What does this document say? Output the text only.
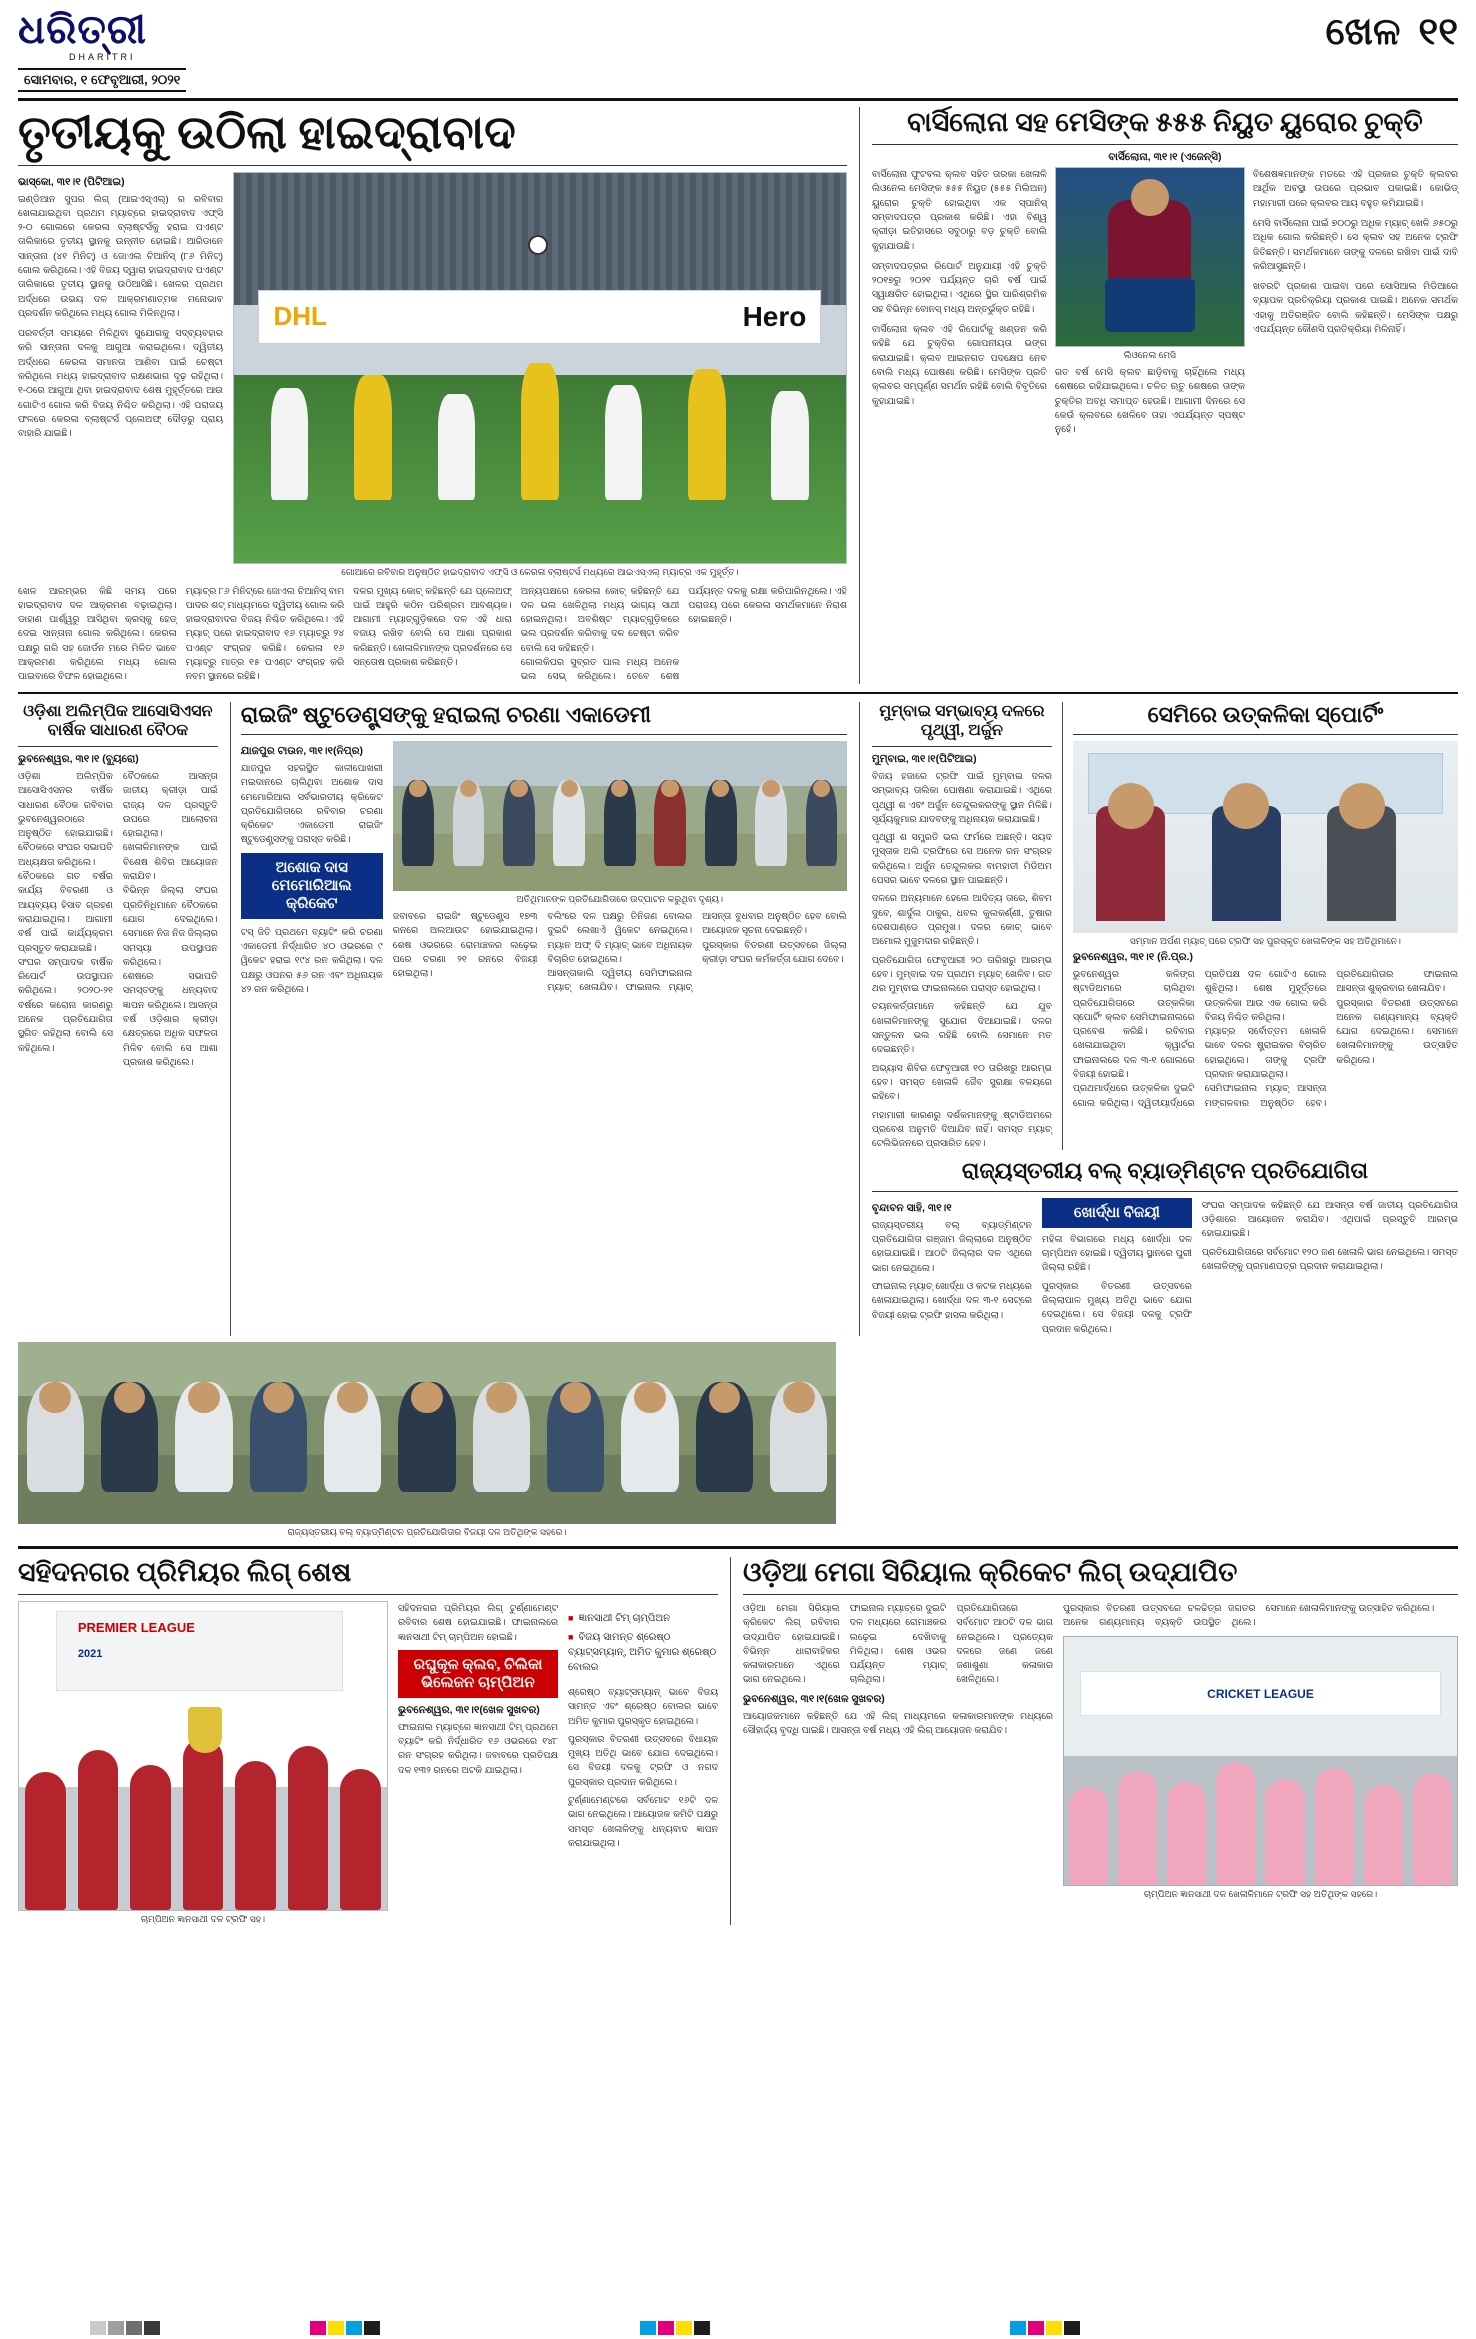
ଧରିତ୍ରୀ
DHARITRI
ସୋମବାର, ୧ ଫେବୃଆରୀ, ୨୦୨୧
ଖେଳ ୧୧
ତୃତୀୟକୁ ଉଠିଲା ହାଇଦ୍ରାବାଦ
ଭାସ୍କୋ, ୩୧।୧ (ପିଟିଆଇ)
ଇଣ୍ଡିଆନ ସୁପର ଲିଗ୍ (ଆଇଏସ୍‌ଏଲ୍) ର ରବିବାର ଖେଳାଯାଇଥିବା ପ୍ରଥମ ମ୍ୟାଚ୍‌ରେ ହାଇଦ୍ରାବାଦ ଏଫ୍‌ସି ୨-୦ ଗୋଲରେ କେରଳା ବ୍ଲାଷ୍ଟର୍ସକୁ ହରାଇ ପଏଣ୍ଟ ତାଲିକାରେ ତୃତୀୟ ସ୍ଥାନକୁ ଉନ୍ନୀତ ହୋଇଛି। ଆରିଡାନେ ସାନ୍ତାନା (୪୧ ମିନିଟ୍) ଓ ଜୋଏଲ ଚିଆନିସ୍ (୮୬ ମିନିଟ୍) ଗୋଲ କରିଥିଲେ। ଏହି ବିଜୟ ଦ୍ୱାରା ହାଇଦ୍ରାବାଦ ପଏଣ୍ଟ ତାଲିକାରେ ତୃତୀୟ ସ୍ଥାନକୁ ଉଠିଆସିଛି। ଖେଳର ପ୍ରଥମ ଅର୍ଦ୍ଧରେ ଉଭୟ ଦଳ ଆକ୍ରମଣାତ୍ମକ ମନୋଭାବ ପ୍ରଦର୍ଶନ କରିଥିଲେ ମଧ୍ୟ ଗୋଲ ମିଳିନଥିଲା।
ପରବର୍ତ୍ତୀ ସମୟରେ ମିଳିଥିବା ସୁଯୋଗକୁ ସଦ୍‌ବ୍ୟବହାର କରି ସାନ୍ତାନା ଦଳକୁ ଆଗୁଆ କରାଇଥିଲେ। ଦ୍ୱିତୀୟ ଅର୍ଦ୍ଧରେ କେରଳା ସମାନତା ଆଣିବା ପାଇଁ ଚେଷ୍ଟା କରିଥିଲେ ମଧ୍ୟ ହାଇଦ୍ରାବାଦ ରକ୍ଷଣଭାଗ ଦୃଢ଼ ରହିଥିଲା। ୧-୦ରେ ଆଗୁଆ ଥିବା ହାଇଦ୍ରାବାଦ ଶେଷ ମୁହୂର୍ତ୍ତରେ ଆଉ ଗୋଟିଏ ଗୋଲ କରି ବିଜୟ ନିଶ୍ଚିତ କରିଥିଲା। ଏହି ପରାଜୟ ଫଳରେ କେରଳା ବ୍ଲାଷ୍ଟର୍ସ ପ୍ଲେଅଫ୍ ଦୌଡ଼ରୁ ପ୍ରାୟ ବାହାରି ଯାଇଛି।
DHL	Hero
ଗୋଆରେ ରବିବାର ଅନୁଷ୍ଠିତ ହାଇଦ୍ରାବାଦ ଏଫ୍‌ସି ଓ କେରଳା ବ୍ଲାଷ୍ଟର୍ସ ମଧ୍ୟରେ ଆଇଏସ୍‌ଏଲ୍ ମ୍ୟାଚ୍‌ର ଏକ ମୁହୂର୍ତ୍ତ।
ଖେଳ ଆରମ୍ଭର କିଛି ସମୟ ପରେ ହାଇଦ୍ରାବାଦ ଦଳ ଆକ୍ରମଣ ବଢ଼ାଇଥିଲା। ଡାହାଣ ପାର୍ଶ୍ୱରୁ ଆସିଥିବା କ୍ରସ୍‌କୁ ହେଡ୍ ଦେଇ ସାନ୍ତାନା ଗୋଲ କରିଥିଲେ। କେରଳା ପକ୍ଷରୁ ଗରି ସହ ଜୋର୍ଡନ ମରେ ମିଳିତ ଭାବେ ଆକ୍ରମଣ କରିଥିଲେ ମଧ୍ୟ ଗୋଲ ପାଇବାରେ ବିଫଳ ହୋଇଥିଲେ।
ମ୍ୟାଚ୍‌ର ୮୬ ମିନିଟ୍‌ରେ ଜୋଏଲ ଚିଆନିସ୍ ବାମ ପାଦର ଶଟ୍ ମାଧ୍ୟମରେ ଦ୍ୱିତୀୟ ଗୋଲ କରି ହାଇଦ୍ରାବାଦର ବିଜୟ ନିଶ୍ଚିତ କରିଥିଲେ। ଏହି ମ୍ୟାଚ୍ ପରେ ହାଇଦ୍ରାବାଦ ୧୬ ମ୍ୟାଚ୍‌ରୁ ୨୪ ପଏଣ୍ଟ ସଂଗ୍ରହ କରିଛି। କେରଳା ୧୬ ମ୍ୟାଚ୍‌ରୁ ମାତ୍ର ୧୫ ପଏଣ୍ଟ ସଂଗ୍ରହ କରି ନବମ ସ୍ଥାନରେ ରହିଛି।
ଦଳର ମୁଖ୍ୟ କୋଚ୍ କହିଛନ୍ତି ଯେ ପ୍ଲେଅଫ୍ ପାଇଁ ଆହୁରି କଠିନ ପରିଶ୍ରମ ଆବଶ୍ୟକ। ଆଗାମୀ ମ୍ୟାଚ୍‌ଗୁଡ଼ିକରେ ଦଳ ଏହି ଧାରା ବଜାୟ ରଖିବ ବୋଲି ସେ ଆଶା ପ୍ରକାଶ କରିଛନ୍ତି। ଖେଳାଳିମାନଙ୍କ ପ୍ରଦର୍ଶନରେ ସେ ସନ୍ତୋଷ ପ୍ରକାଶ କରିଛନ୍ତି।
ଅନ୍ୟପକ୍ଷରେ କେରଳା କୋଚ୍ କହିଛନ୍ତି ଯେ ଦଳ ଭଲ ଖେଳିଥିଲା ମଧ୍ୟ ଭାଗ୍ୟ ସାଥୀ ହୋଇନଥିଲା। ଅବଶିଷ୍ଟ ମ୍ୟାଚ୍‌ଗୁଡ଼ିକରେ ଭଲ ପ୍ରଦର୍ଶନ କରିବାକୁ ଦଳ ଚେଷ୍ଟା କରିବ ବୋଲି ସେ କହିଛନ୍ତି।
ଗୋଲକିପର ସୁବ୍ରତ ପାଲ ମଧ୍ୟ ଅନେକ ଭଲ ସେଭ୍ କରିଥିଲେ। ତେବେ ଶେଷ ପର୍ଯ୍ୟନ୍ତ ଦଳକୁ ରକ୍ଷା କରିପାରିନଥିଲେ। ଏହି ପରାଜୟ ପରେ କେରଳା ସମର୍ଥକମାନେ ନିରାଶ ହୋଇଛନ୍ତି।
ବାର୍ସିଲୋନା ସହ ମେସିଙ୍କ ୫୫୫ ନିୟୁତ ୟୁରୋର ଚୁକ୍ତି
ବାର୍ସିଲୋନା, ୩୧।୧ (ଏଜେନ୍ସି)
ବାର୍ସିଲୋନା ଫୁଟବଲ କ୍ଲବ ସହିତ ତାରକା ଖେଳାଳି ଲିଓନେଲ ମେସିଙ୍କ ୫୫୫ ନିୟୁତ (୫୫୫ ମିଲିଅନ) ୟୁରୋର ଚୁକ୍ତି ହୋଇଥିବା ଏକ ସ୍ପାନିସ୍ ସମ୍ବାଦପତ୍ର ପ୍ରକାଶ କରିଛି। ଏହା ବିଶ୍ୱ କ୍ରୀଡ଼ା ଇତିହାସରେ ସବୁଠାରୁ ବଡ଼ ଚୁକ୍ତି ବୋଲି କୁହାଯାଉଛି।
ସମ୍ବାଦପତ୍ରର ରିପୋର୍ଟ ଅନୁଯାୟୀ ଏହି ଚୁକ୍ତି ୨୦୧୭ରୁ ୨୦୨୧ ପର୍ଯ୍ୟନ୍ତ ଚାରି ବର୍ଷ ପାଇଁ ସ୍ୱାକ୍ଷରିତ ହୋଇଥିଲା। ଏଥିରେ ସ୍ଥିର ପାରିଶ୍ରମିକ ସହ ବିଭିନ୍ନ ବୋନସ୍ ମଧ୍ୟ ଅନ୍ତର୍ଭୁକ୍ତ ରହିଛି।
ବାର୍ସିଲୋନା କ୍ଲବ ଏହି ରିପୋର୍ଟକୁ ଖଣ୍ଡନ କରି କହିଛି ଯେ ଚୁକ୍ତିର ଗୋପନୀୟତା ଭଙ୍ଗ କରାଯାଇଛି। କ୍ଲବ ଆଇନଗତ ପଦକ୍ଷେପ ନେବ ବୋଲି ମଧ୍ୟ ଘୋଷଣା କରିଛି। ମେସିଙ୍କ ପ୍ରତି କ୍ଲବର ସମ୍ପୂର୍ଣ୍ଣ ସମର୍ଥନ ରହିଛି ବୋଲି ବିବୃତିରେ କୁହାଯାଇଛି।
ଲିଓନେଲ ମେସି
ଗତ ବର୍ଷ ମେସି କ୍ଲବ ଛାଡ଼ିବାକୁ ଚାହିଁଥିଲେ ମଧ୍ୟ ଶେଷରେ ରହିଯାଇଥିଲେ। ଚଳିତ ଋତୁ ଶେଷରେ ତାଙ୍କ ଚୁକ୍ତିର ଅବଧି ସମାପ୍ତ ହେଉଛି। ଆଗାମୀ ଦିନରେ ସେ କେଉଁ କ୍ଲବରେ ଖେଳିବେ ତାହା ଏପର୍ଯ୍ୟନ୍ତ ସ୍ପଷ୍ଟ ନୁହେଁ।
ବିଶେଷଜ୍ଞମାନଙ୍କ ମତରେ ଏହି ପ୍ରକାର ଚୁକ୍ତି କ୍ଲବର ଆର୍ଥିକ ଅବସ୍ଥା ଉପରେ ପ୍ରଭାବ ପକାଇଛି। କୋଭିଡ୍ ମହାମାରୀ ପରେ କ୍ଲବର ଆୟ ବହୁତ କମିଯାଇଛି।
ମେସି ବାର୍ସିଲୋନା ପାଇଁ ୭୦୦ରୁ ଅଧିକ ମ୍ୟାଚ୍ ଖେଳି ୬୫୦ରୁ ଅଧିକ ଗୋଲ କରିଛନ୍ତି। ସେ କ୍ଲବ ସହ ଅନେକ ଟ୍ରଫି ଜିତିଛନ୍ତି। ସମର୍ଥକମାନେ ତାଙ୍କୁ ଦଳରେ ରଖିବା ପାଇଁ ଦାବି କରିଆସୁଛନ୍ତି।
ଖବରଟି ପ୍ରକାଶ ପାଇବା ପରେ ସୋସିଆଲ ମିଡିଆରେ ବ୍ୟାପକ ପ୍ରତିକ୍ରିୟା ପ୍ରକାଶ ପାଇଛି। ଅନେକ ସମର୍ଥକ ଏହାକୁ ଅତିରଞ୍ଜିତ ବୋଲି କହିଛନ୍ତି। ମେସିଙ୍କ ପକ୍ଷରୁ ଏପର୍ଯ୍ୟନ୍ତ କୌଣସି ପ୍ରତିକ୍ରିୟା ମିଳିନାହିଁ।
ଓଡ଼ିଶା ଅଲିମ୍ପିକ ଆସୋସିଏସନ ବାର୍ଷିକ ସାଧାରଣ ବୈଠକ
ଭୁବନେଶ୍ୱର, ୩୧।୧ (ବ୍ୟୁରୋ)
ଓଡ଼ିଶା ଅଲିମ୍ପିକ ଆସୋସିଏସନର ବାର୍ଷିକ ସାଧାରଣ ବୈଠକ ରବିବାର ଭୁବନେଶ୍ୱରଠାରେ ଅନୁଷ୍ଠିତ ହୋଇଯାଇଛି। ବୈଠକରେ ସଂଘର ସଭାପତି ଅଧ୍ୟକ୍ଷତା କରିଥିଲେ।
ବୈଠକରେ ଗତ ବର୍ଷର କାର୍ଯ୍ୟ ବିବରଣୀ ଓ ଆୟବ୍ୟୟ ହିସାବ ଗ୍ରହଣ କରାଯାଇଥିଲା। ଆଗାମୀ ବର୍ଷ ପାଇଁ କାର୍ଯ୍ୟକ୍ରମ ପ୍ରସ୍ତୁତ କରାଯାଇଛି।
ସଂଘର ସମ୍ପାଦକ ବାର୍ଷିକ ରିପୋର୍ଟ ଉପସ୍ଥାପନ କରିଥିଲେ। ୨୦୨୦-୨୧ ବର୍ଷରେ କରୋନା କାରଣରୁ ଅନେକ ପ୍ରତିଯୋଗିତା ସ୍ଥଗିତ ରହିଥିଲା ବୋଲି ସେ କହିଥିଲେ।
ବୈଠକରେ ଆସନ୍ତା ଜାତୀୟ କ୍ରୀଡ଼ା ପାଇଁ ରାଜ୍ୟ ଦଳ ପ୍ରସ୍ତୁତି ଉପରେ ଆଲୋଚନା ହୋଇଥିଲା। ଖେଳାଳିମାନଙ୍କ ପାଇଁ ବିଶେଷ ଶିବିର ଆୟୋଜନ କରାଯିବ।
ବିଭିନ୍ନ ଜିଲ୍ଲା ସଂଘର ପ୍ରତିନିଧିମାନେ ବୈଠକରେ ଯୋଗ ଦେଇଥିଲେ। ସେମାନେ ନିଜ ନିଜ ଜିଲ୍ଲାର ସମସ୍ୟା ଉପସ୍ଥାପନ କରିଥିଲେ।
ଶେଷରେ ସଭାପତି ସମସ୍ତଙ୍କୁ ଧନ୍ୟବାଦ ଜ୍ଞାପନ କରିଥିଲେ। ଆସନ୍ତା ବର୍ଷ ଓଡ଼ିଶାର କ୍ରୀଡ଼ା କ୍ଷେତ୍ରରେ ଅଧିକ ସଫଳତା ମିଳିବ ବୋଲି ସେ ଆଶା ପ୍ରକାଶ କରିଥିଲେ।
ରାଇଜିଂ ଷ୍ଟୁଡେଣ୍ଟ୍ସଙ୍କୁ ହରାଇଲା ଚରଣା ଏକାଡେମୀ
ଯାଜପୁର ଟାଉନ, ୩୧।୧(ନିପ୍ର)
ଯାଜପୁର ସହରସ୍ଥିତ କାଳୀପୋଖରୀ ମଇଦାନରେ ଚାଲିଥିବା ଅଶୋକ ଦାସ ମେମୋରିଆଲ ସର୍ବଭାରତୀୟ କ୍ରିକେଟ ପ୍ରତିଯୋଗିତାରେ ରବିବାର ଚରଣା କ୍ରିକେଟ ଏକାଡେମୀ ରାଇଜିଂ ଷ୍ଟୁଡେଣ୍ଟ୍ସଙ୍କୁ ପରାସ୍ତ କରିଛି।
ଅଶୋକ ଦାସ ମେମୋରିଆଲ କ୍ରିକେଟ
ଟସ୍ ଜିତି ପ୍ରଥମେ ବ୍ୟାଟିଂ କରି ଚରଣା ଏକାଡେମୀ ନିର୍ଦ୍ଧାରିତ ୪୦ ଓଭରରେ ୯ ୱିକେଟ ହରାଇ ୧୯୪ ରନ କରିଥିଲା। ଦଳ ପକ୍ଷରୁ ଓପନର ୫୬ ରନ ଏବଂ ଅଧିନାୟକ ୪୨ ରନ କରିଥିଲେ।
ଅତିଥିମାନଙ୍କ ପ୍ରତିଯୋଗିତାରେ ଉଦ୍‌ଘାଟନ କରୁଥିବା ଦୃଶ୍ୟ।
ଜବାବରେ ରାଇଜିଂ ଷ୍ଟୁଡେଣ୍ଟ୍ସ ୧୭୩ ରନରେ ଅଲଆଉଟ ହୋଇଯାଇଥିଲା। ଶେଷ ଓଭରରେ ରୋମାଞ୍ଚକର ଲଢ଼େଇ ପରେ ଚରଣା ୨୧ ରନରେ ବିଜୟୀ ହୋଇଥିଲା।
ବଲିଂରେ ଦଳ ପକ୍ଷରୁ ତିନିଜଣ ବୋଲର ଦୁଇଟି ଲେଖାଏଁ ୱିକେଟ ନେଇଥିଲେ। ମ୍ୟାନ ଅଫ୍ ଦି ମ୍ୟାଚ୍ ଭାବେ ଅଧିନାୟକ ବିଚାରିତ ହୋଇଥିଲେ।
ଆସନ୍ତାକାଲି ଦ୍ୱିତୀୟ ସେମିଫାଇନାଲ ମ୍ୟାଚ୍ ଖେଳାଯିବ। ଫାଇନାଲ ମ୍ୟାଚ୍ ଆସନ୍ତା ବୁଧବାର ଅନୁଷ୍ଠିତ ହେବ ବୋଲି ଆୟୋଜକ ସୂଚନା ଦେଇଛନ୍ତି।
ପୁରସ୍କାର ବିତରଣୀ ଉତ୍ସବରେ ଜିଲ୍ଲା କ୍ରୀଡ଼ା ସଂଘର କର୍ମକର୍ତ୍ତା ଯୋଗ ଦେବେ।
ମୁମ୍ବାଇ ସମ୍ଭାବ୍ୟ ଦଳରେ ପୃଥ୍ୱୀ, ଅର୍ଜୁନ
ମୁମ୍ବାଇ, ୩୧।୧(ପିଟିଆଇ)
ବିଜୟ ହଜାରେ ଟ୍ରଫି ପାଇଁ ମୁମ୍ବାଇ ଦଳର ସମ୍ଭାବ୍ୟ ତାଲିକା ଘୋଷଣା କରାଯାଇଛି। ଏଥିରେ ପୃଥ୍ୱୀ ଶ ଏବଂ ଅର୍ଜୁନ ତେନ୍ଦୁଲକରଙ୍କୁ ସ୍ଥାନ ମିଳିଛି। ସୂର୍ଯ୍ୟକୁମାର ଯାଦବଙ୍କୁ ଅଧିନାୟକ କରାଯାଇଛି।
ପୃଥ୍ୱୀ ଶ ସମ୍ପ୍ରତି ଭଲ ଫର୍ମରେ ଅଛନ୍ତି। ସୟଦ ମୁସ୍ତାକ ଅଲି ଟ୍ରଫିରେ ସେ ଅନେକ ରନ ସଂଗ୍ରହ କରିଥିଲେ। ଅର୍ଜୁନ ତେନ୍ଦୁଲକର ବାମହାତୀ ମିଡିଅମ ପେସର ଭାବେ ଦଳରେ ସ୍ଥାନ ପାଇଛନ୍ତି।
ଦଳରେ ଅନ୍ୟମାନେ ହେଲେ ଆଦିତ୍ୟ ତାରେ, ଶିବମ ଦୁବେ, ଶାର୍ଦୁଲ ଠାକୁର, ଧବଲ କୁଲକର୍ଣ୍ଣୀ, ତୁଷାର ଦେଶପାଣ୍ଡେ ପ୍ରମୁଖ। ଦଳର କୋଚ୍ ଭାବେ ଅମୋଲ ମୁଜୁମଦାର ରହିଛନ୍ତି।
ପ୍ରତିଯୋଗିତା ଫେବୃଆରୀ ୨୦ ତାରିଖରୁ ଆରମ୍ଭ ହେବ। ମୁମ୍ବାଇ ଦଳ ପ୍ରଥମ ମ୍ୟାଚ୍ ଖେଳିବ। ଗତ ଥର ମୁମ୍ବାଇ ଫାଇନାଲରେ ପରାସ୍ତ ହୋଇଥିଲା।
ଚୟନକର୍ତ୍ତାମାନେ କହିଛନ୍ତି ଯେ ଯୁବ ଖେଳାଳିମାନଙ୍କୁ ସୁଯୋଗ ଦିଆଯାଇଛି। ଦଳର ସନ୍ତୁଳନ ଭଲ ରହିଛି ବୋଲି ସେମାନେ ମତ ଦେଇଛନ୍ତି।
ଅଭ୍ୟାସ ଶିବିର ଫେବୃଆରୀ ୧୦ ତାରିଖରୁ ଆରମ୍ଭ ହେବ। ସମସ୍ତ ଖେଳାଳି ଜୈବ ସୁରକ୍ଷା ବଳୟରେ ରହିବେ।
ମହାମାରୀ କାରଣରୁ ଦର୍ଶକମାନଙ୍କୁ ଷ୍ଟାଡିଅମରେ ପ୍ରବେଶ ଅନୁମତି ଦିଆଯିବ ନାହିଁ। ସମସ୍ତ ମ୍ୟାଚ୍ ଟେଲିଭିଜନରେ ପ୍ରସାରିତ ହେବ।
ସେମିରେ ଉତ୍କଳିକା ସ୍ପୋର୍ଟିଂ
ସମ୍ମାନ ଅର୍ପଣ ମ୍ୟାଚ୍ ପରେ ଟ୍ରଫି ସହ ପୁରସ୍କୃତ ଖେଳାଳିଙ୍କ ସହ ଅତିଥିମାନେ।
ଭୁବନେଶ୍ୱର, ୩୧।୧ (ନି.ପ୍ର.)
ଭୁବନେଶ୍ୱର କଳିଙ୍ଗ ଷ୍ଟାଡିଅମରେ ଚାଲିଥିବା ପ୍ରତିଯୋଗିତାରେ ଉତ୍କଳିକା ସ୍ପୋର୍ଟିଂ କ୍ଲବ ସେମିଫାଇନାଲରେ ପ୍ରବେଶ କରିଛି। ରବିବାର ଖେଳାଯାଇଥିବା କ୍ୱାର୍ଟର ଫାଇନାଲରେ ଦଳ ୩-୧ ଗୋଲରେ ବିଜୟୀ ହୋଇଛି।
ପ୍ରଥମାର୍ଦ୍ଧରେ ଉତ୍କଳିକା ଦୁଇଟି ଗୋଲ କରିଥିଲା। ଦ୍ୱିତୀୟାର୍ଦ୍ଧରେ ପ୍ରତିପକ୍ଷ ଦଳ ଗୋଟିଏ ଗୋଲ ଶୁଝିଥିଲା। ଶେଷ ମୁହୂର୍ତ୍ତରେ ଉତ୍କଳିକା ଆଉ ଏକ ଗୋଲ କରି ବିଜୟ ନିଶ୍ଚିତ କରିଥିଲା।
ମ୍ୟାଚ୍‌ର ସର୍ବୋତ୍ତମ ଖେଳାଳି ଭାବେ ଦଳର ଷ୍ଟ୍ରାଇକର ବିଚାରିତ ହୋଇଥିଲେ। ତାଙ୍କୁ ଟ୍ରଫି ପ୍ରଦାନ କରାଯାଇଥିଲା।
ସେମିଫାଇନାଲ ମ୍ୟାଚ୍ ଆସନ୍ତା ମଙ୍ଗଳବାର ଅନୁଷ୍ଠିତ ହେବ। ପ୍ରତିଯୋଗିତାର ଫାଇନାଲ ଆସନ୍ତା ଶୁକ୍ରବାର ଖେଳାଯିବ।
ପୁରସ୍କାର ବିତରଣୀ ଉତ୍ସବରେ ଅନେକ ଗଣ୍ୟମାନ୍ୟ ବ୍ୟକ୍ତି ଯୋଗ ଦେଇଥିଲେ। ସେମାନେ ଖେଳାଳିମାନଙ୍କୁ ଉତ୍ସାହିତ କରିଥିଲେ।
ରାଜ୍ୟସ୍ତରୀୟ ବଲ୍ ବ୍ୟାଡ୍‌ମିଣ୍ଟନ ପ୍ରତିଯୋଗିତା
ବୃନ୍ଦାବନ ସାହି, ୩୧।୧
ରାଜ୍ୟସ୍ତରୀୟ ବଲ୍ ବ୍ୟାଡ୍‌ମିଣ୍ଟନ ପ୍ରତିଯୋଗିତା ଗଞ୍ଜାମ ଜିଲ୍ଲାରେ ଅନୁଷ୍ଠିତ ହୋଇଯାଇଛି। ଆଠଟି ଜିଲ୍ଲାର ଦଳ ଏଥିରେ ଭାଗ ନେଇଥିଲେ।
ଫାଇନାଲ ମ୍ୟାଚ୍ ଖୋର୍ଦ୍ଧା ଓ କଟକ ମଧ୍ୟରେ ଖେଳାଯାଇଥିଲା। ଖୋର୍ଦ୍ଧା ଦଳ ୩-୧ ସେଟ୍‌ରେ ବିଜୟୀ ହୋଇ ଟ୍ରଫି ହାସଲ କରିଥିଲା।
ଖୋର୍ଦ୍ଧା ବିଜୟୀ
ମହିଳା ବିଭାଗରେ ମଧ୍ୟ ଖୋର୍ଦ୍ଧା ଦଳ ଚାମ୍ପିଅନ ହୋଇଛି। ଦ୍ୱିତୀୟ ସ୍ଥାନରେ ପୁରୀ ଜିଲ୍ଲା ରହିଛି।
ପୁରସ୍କାର ବିତରଣୀ ଉତ୍ସବରେ ଜିଲ୍ଲାପାଳ ମୁଖ୍ୟ ଅତିଥି ଭାବେ ଯୋଗ ଦେଇଥିଲେ। ସେ ବିଜୟୀ ଦଳକୁ ଟ୍ରଫି ପ୍ରଦାନ କରିଥିଲେ।
ସଂଘର ସମ୍ପାଦକ କହିଛନ୍ତି ଯେ ଆସନ୍ତା ବର୍ଷ ଜାତୀୟ ପ୍ରତିଯୋଗିତା ଓଡ଼ିଶାରେ ଆୟୋଜନ କରାଯିବ। ଏଥିପାଇଁ ପ୍ରସ୍ତୁତି ଆରମ୍ଭ ହୋଇଯାଇଛି।
ପ୍ରତିଯୋଗିତାରେ ସର୍ବମୋଟ ୧୨୦ ଜଣ ଖେଳାଳି ଭାଗ ନେଇଥିଲେ। ସମସ୍ତ ଖେଳାଳିଙ୍କୁ ପ୍ରମାଣପତ୍ର ପ୍ରଦାନ କରାଯାଇଥିଲା।
ରାଜ୍ୟସ୍ତରୀୟ ବଲ୍ ବ୍ୟାଡ୍‌ମିଣ୍ଟନ ପ୍ରତିଯୋଗିତାର ବିଜୟୀ ଦଳ ଅତିଥିଙ୍କ ସହରେ।
ସହିଦନଗର ପ୍ରିମିୟର ଲିଗ୍ ଶେଷ
PREMIER LEAGUE
2021
ଚାମ୍ପିଅନ ଜ୍ଞାନସାଥୀ ଦଳ ଟ୍ରଫି ସହ।
ସହିଦନଗର ପ୍ରିମିୟର ଲିଗ୍ ଟୁର୍ଣ୍ଣାମେଣ୍ଟ ରବିବାର ଶେଷ ହୋଇଯାଇଛି। ଫାଇନାଲରେ ଜ୍ଞାନସାଥୀ ଟିମ୍ ଚାମ୍ପିଅନ ହୋଇଛି।
ରଘୁକୂଳ କ୍ଲବ, ଚିଲିକା ଭିଲେଜନ ଚାମ୍ପିଅନ
ଭୁବନେଶ୍ୱର, ୩୧।୧(ଖେଳ ସୁଖବର)
ଫାଇନାଲ ମ୍ୟାଚ୍‌ରେ ଜ୍ଞାନସାଥୀ ଟିମ୍ ପ୍ରଥମେ ବ୍ୟାଟିଂ କରି ନିର୍ଦ୍ଧାରିତ ୧୬ ଓଭରରେ ୧୪୮ ରନ ସଂଗ୍ରହ କରିଥିଲା। ଜବାବରେ ପ୍ରତିପକ୍ଷ ଦଳ ୧୩୨ ରନରେ ଅଟକି ଯାଇଥିଲା।
■ ଜ୍ଞାନସାଥୀ ଟିମ୍ ଚାମ୍ପିଅନ
■ ବିଜୟ ସାମନ୍ତ ଶ୍ରେଷ୍ଠ ବ୍ୟାଟ୍‌ସମ୍ୟାନ୍, ଅମିତ କୁମାର ଶ୍ରେଷ୍ଠ ବୋଲର
ଶ୍ରେଷ୍ଠ ବ୍ୟାଟ୍‌ସମ୍ୟାନ୍ ଭାବେ ବିଜୟ ସାମନ୍ତ ଏବଂ ଶ୍ରେଷ୍ଠ ବୋଲର ଭାବେ ଅମିତ କୁମାର ପୁରସ୍କୃତ ହୋଇଥିଲେ।
ପୁରସ୍କାର ବିତରଣୀ ଉତ୍ସବରେ ବିଧାୟକ ମୁଖ୍ୟ ଅତିଥି ଭାବେ ଯୋଗ ଦେଇଥିଲେ। ସେ ବିଜୟୀ ଦଳକୁ ଟ୍ରଫି ଓ ନଗଦ ପୁରସ୍କାର ପ୍ରଦାନ କରିଥିଲେ।
ଟୁର୍ଣ୍ଣାମେଣ୍ଟରେ ସର୍ବମୋଟ ୧୬ଟି ଦଳ ଭାଗ ନେଇଥିଲେ। ଆୟୋଜକ କମିଟି ପକ୍ଷରୁ ସମସ୍ତ ଖେଳାଳିଙ୍କୁ ଧନ୍ୟବାଦ ଜ୍ଞାପନ କରାଯାଇଥିଲା।
ଓଡ଼ିଆ ମେଗା ସିରିୟାଲ କ୍ରିକେଟ ଲିଗ୍ ଉଦ୍‌ଯାପିତ
ଓଡ଼ିଆ ମେଗା ସିରିୟାଲ କ୍ରିକେଟ ଲିଗ୍ ରବିବାର ଉଦ୍‌ଯାପିତ ହୋଇଯାଇଛି। ବିଭିନ୍ନ ଧାରାବାହିକର କଳାକାରମାନେ ଏଥିରେ ଭାଗ ନେଇଥିଲେ।
ଫାଇନାଲ ମ୍ୟାଚ୍‌ରେ ଦୁଇଟି ଦଳ ମଧ୍ୟରେ ରୋମାଞ୍ଚକର ଲଢ଼େଇ ଦେଖିବାକୁ ମିଳିଥିଲା। ଶେଷ ଓଭର ପର୍ଯ୍ୟନ୍ତ ମ୍ୟାଚ୍ ଚାଲିଥିଲା।
ପ୍ରତିଯୋଗିତାରେ ସର୍ବମୋଟ ଆଠଟି ଦଳ ଭାଗ ନେଇଥିଲେ। ପ୍ରତ୍ୟେକ ଦଳରେ ଜଣେ ଜଣେ ଜଣାଶୁଣା କଳାକାର ଖେଳିଥିଲେ।
ଭୁବନେଶ୍ୱର, ୩୧।୧(ଖେଳ ସୁଖବର)
ଆୟୋଜକମାନେ କହିଛନ୍ତି ଯେ ଏହି ଲିଗ୍ ମାଧ୍ୟମରେ କଳାକାରମାନଙ୍କ ମଧ୍ୟରେ ସୌହାର୍ଦ୍ଦ୍ୟ ବୃଦ୍ଧି ପାଇଛି। ଆସନ୍ତା ବର୍ଷ ମଧ୍ୟ ଏହି ଲିଗ୍ ଆୟୋଜନ କରାଯିବ।
ପୁରସ୍କାର ବିତରଣୀ ଉତ୍ସବରେ ଚଳଚ୍ଚିତ୍ର ଜଗତର ଅନେକ ଗଣ୍ୟମାନ୍ୟ ବ୍ୟକ୍ତି ଉପସ୍ଥିତ ଥିଲେ। ସେମାନେ ଖେଳାଳିମାନଙ୍କୁ ଉତ୍ସାହିତ କରିଥିଲେ।
CRICKET LEAGUE
ଚାମ୍ପିଅନ ଜ୍ଞାନସାଥୀ ଦଳ ଖେଳାଳିମାନେ ଟ୍ରଫି ସହ ଅତିଥିଙ୍କ ସହରେ।
